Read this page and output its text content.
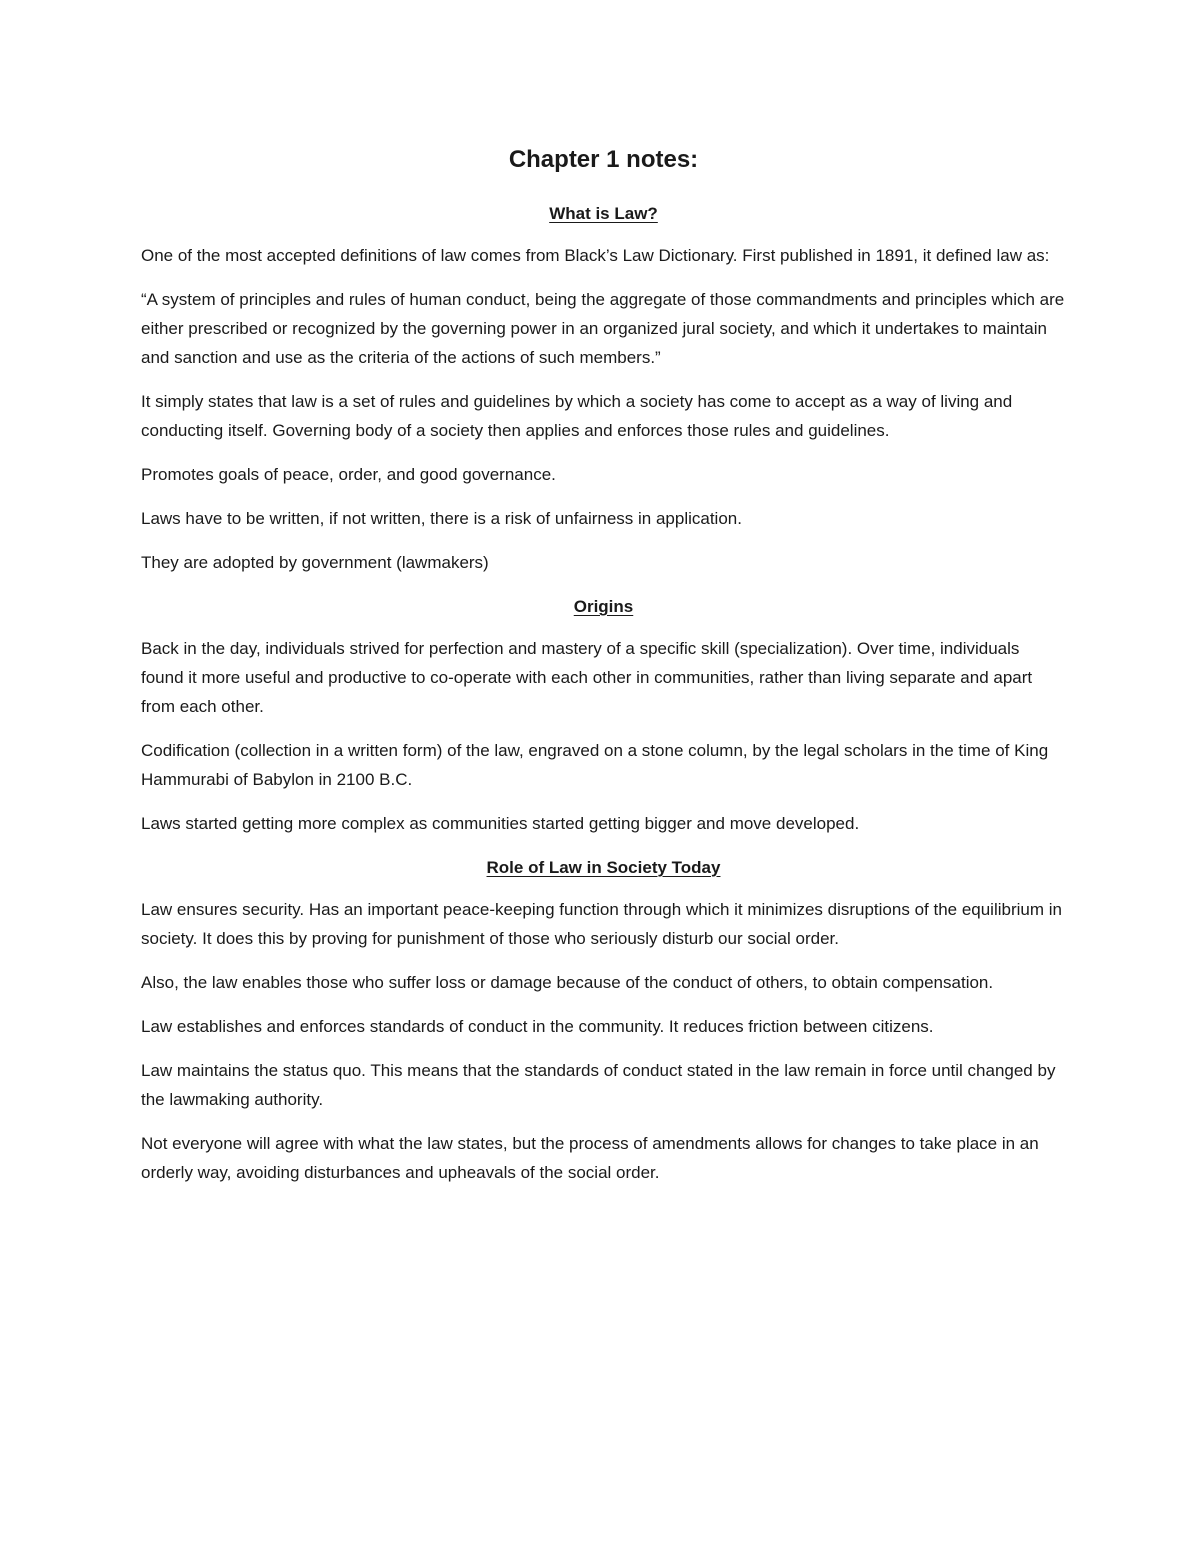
Chapter 1 notes:
What is Law?

One of the most accepted definitions of law comes from Black’s Law Dictionary. First published in 1891, it defined law as:

“A system of principles and rules of human conduct, being the aggregate of those commandments and principles which are either prescribed or recognized by the governing power in an organized jural society, and which it undertakes to maintain and sanction and use as the criteria of the actions of such members.”

It simply states that law is a set of rules and guidelines by which a society has come to accept as a way of living and conducting itself. Governing body of a society then applies and enforces those rules and guidelines.

Promotes goals of peace, order, and good governance.

Laws have to be written, if not written, there is a risk of unfairness in application.

They are adopted by government (lawmakers)

Origins

Back in the day, individuals strived for perfection and mastery of a specific skill (specialization). Over time, individuals found it more useful and productive to co-operate with each other in communities, rather than living separate and apart from each other.

Codification (collection in a written form) of the law, engraved on a stone column, by the legal scholars in the time of King Hammurabi of Babylon in 2100 B.C.

Laws started getting more complex as communities started getting bigger and move developed.

Role of Law in Society Today

Law ensures security. Has an important peace-keeping function through which it minimizes disruptions of the equilibrium in society. It does this by proving for punishment of those who seriously disturb our social order.

Also, the law enables those who suffer loss or damage because of the conduct of others, to obtain compensation.

Law establishes and enforces standards of conduct in the community. It reduces friction between citizens.

Law maintains the status quo. This means that the standards of conduct stated in the law remain in force until changed by the lawmaking authority.

Not everyone will agree with what the law states, but the process of amendments allows for changes to take place in an orderly way, avoiding disturbances and upheavals of the social order.
